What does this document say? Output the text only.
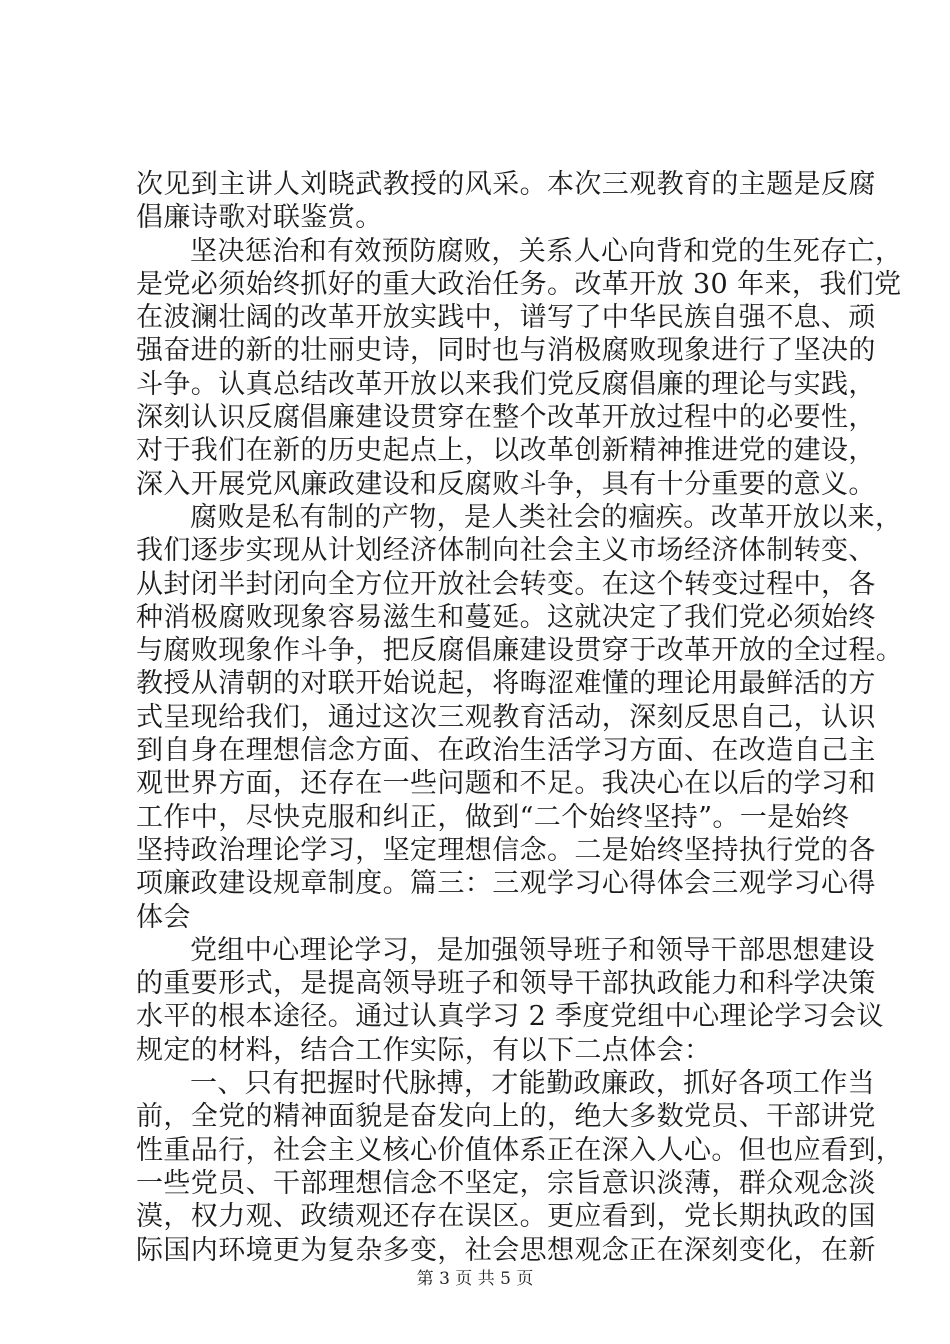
次见到主讲人刘晓武教授的风采。本次三观教育的主题是反腐
倡廉诗歌对联鉴赏。
坚决惩治和有效预防腐败，关系人心向背和党的生死存亡，
是党必须始终抓好的重大政治任务。改革开放 30 年来，我们党
在波澜壮阔的改革开放实践中，谱写了中华民族自强不息、顽
强奋进的新的壮丽史诗，同时也与消极腐败现象进行了坚决的
斗争。认真总结改革开放以来我们党反腐倡廉的理论与实践，
深刻认识反腐倡廉建设贯穿在整个改革开放过程中的必要性，
对于我们在新的历史起点上，以改革创新精神推进党的建设，
深入开展党风廉政建设和反腐败斗争，具有十分重要的意义。
腐败是私有制的产物，是人类社会的痼疾。改革开放以来，
我们逐步实现从计划经济体制向社会主义市场经济体制转变、
从封闭半封闭向全方位开放社会转变。在这个转变过程中，各
种消极腐败现象容易滋生和蔓延。这就决定了我们党必须始终
与腐败现象作斗争，把反腐倡廉建设贯穿于改革开放的全过程。
教授从清朝的对联开始说起，将晦涩难懂的理论用最鲜活的方
式呈现给我们，通过这次三观教育活动，深刻反思自己，认识
到自身在理想信念方面、在政治生活学习方面、在改造自己主
观世界方面，还存在一些问题和不足。我决心在以后的学习和
工作中，尽快克服和纠正，做到“二个始终坚持”。一是始终
坚持政治理论学习，坚定理想信念。二是始终坚持执行党的各
项廉政建设规章制度。篇三：三观学习心得体会三观学习心得
体会
党组中心理论学习，是加强领导班子和领导干部思想建设
的重要形式，是提高领导班子和领导干部执政能力和科学决策
水平的根本途径。通过认真学习 2 季度党组中心理论学习会议
规定的材料，结合工作实际，有以下二点体会：
一、只有把握时代脉搏，才能勤政廉政，抓好各项工作当
前，全党的精神面貌是奋发向上的，绝大多数党员、干部讲党
性重品行，社会主义核心价值体系正在深入人心。但也应看到，
一些党员、干部理想信念不坚定，宗旨意识淡薄，群众观念淡
漠，权力观、政绩观还存在误区。更应看到，党长期执政的国
际国内环境更为复杂多变，社会思想观念正在深刻变化，在新
第 3 页 共 5 页
